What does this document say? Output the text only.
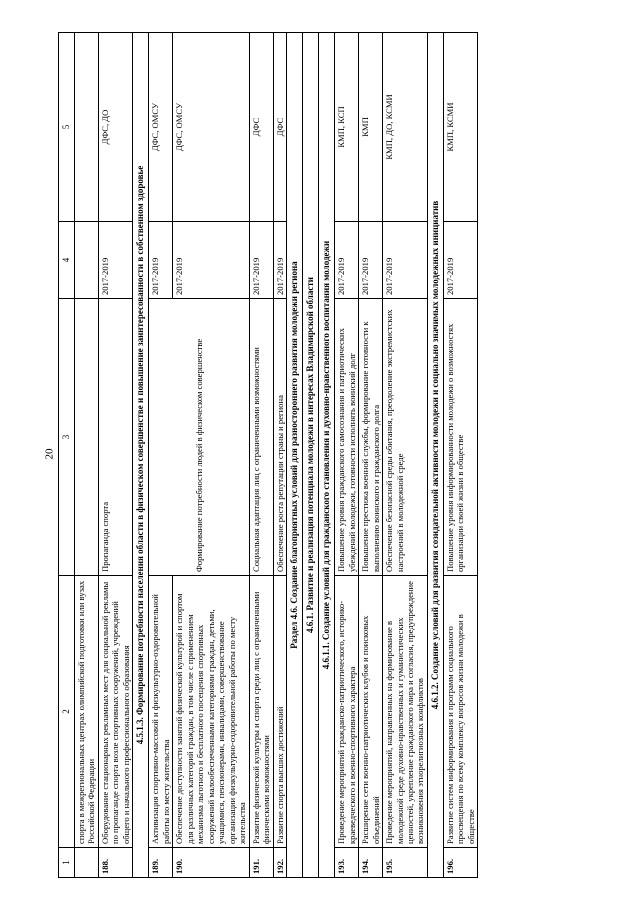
20
1	2	3	4	5
	спорта в межрегиональных центрах олимпийской подготовки или вузах Российской Федерации			
188.	Оборудование стационарных рекламных мест для социальной рекламы по пропаганде спорта возле спортивных сооружений, учреждений общего и начального профессионального образования	Пропаганда спорта	2017-2019	ДФС, ДО
4.5.1.3. Формирование потребности населения области в физическом совершенстве и повышение заинтересованности в собственном здоровье				
189.	Активизация спортивно-массовой и физкультурно-оздоровительной работы по месту жительства	Формирование потребности людей в физическом совершенстве	2017-2019	ДФС, ОМСУ
190.	Обеспечение доступности занятий физической культурой и спортом для различных категорий граждан, в том числе с применением механизма льготного и бесплатного посещения спортивных сооружений малообеспеченными категориями граждан, детьми, учащимися, пенсионерами, инвалидами, совершенствование организации физкультурно-оздоровительной работы по месту жительства		2017-2019	ДФС, ОМСУ
191.	Развитие физической культуры и спорта среди лиц с ограниченными физическими возможностями	Социальная адаптация лиц с ограниченными возможностями	2017-2019	ДФС
192.	Развитие спорта высших достижений	Обеспечение роста репутации страны и региона	2017-2019	ДФС
Раздел 4.6. Создание благоприятных условий для разностороннего развития молодежи региона				
4.6.1. Развитие и реализация потенциала молодежи в интересах Владимирской области				
4.6.1.1. Создание условий для гражданского становления и духовно-нравственного воспитания молодежи				
193.	Проведение мероприятий гражданско-патриотического, историко-краеведческого и военно-спортивного характера	Повышение уровня гражданского самосознания и патриотических убеждений молодежи, готовности исполнять воинский долг	2017-2019	КМП, КСП
194.	Расширение сети военно-патриотических клубов и поисковых объединений	Повышение престижа военной службы, формирование готовности к выполнению воинского и гражданского долга	2017-2019	КМП
195.	Проведение мероприятий, направленных на формирование в молодежной среде духовно-нравственных и гуманистических ценностей, укрепление гражданского мира и согласия, предупреждение возникновения этнорелигиозных конфликтов	Обеспечение безопасной среды обитания, преодоление экстремистских настроений в молодежной среде	2017-2019	КМП, ДО, КСМИ
4.6.1.2. Создание условий для развития созидательной активности молодежи и социально значимых молодежных инициатив				
196.	Развитие систем информирования и программ социального просвещения по всему комплексу вопросов жизни молодежи в обществе	Повышение уровня информированности молодежи о возможностях организации своей жизни в обществе	2017-2019	КМП, КСМИ
